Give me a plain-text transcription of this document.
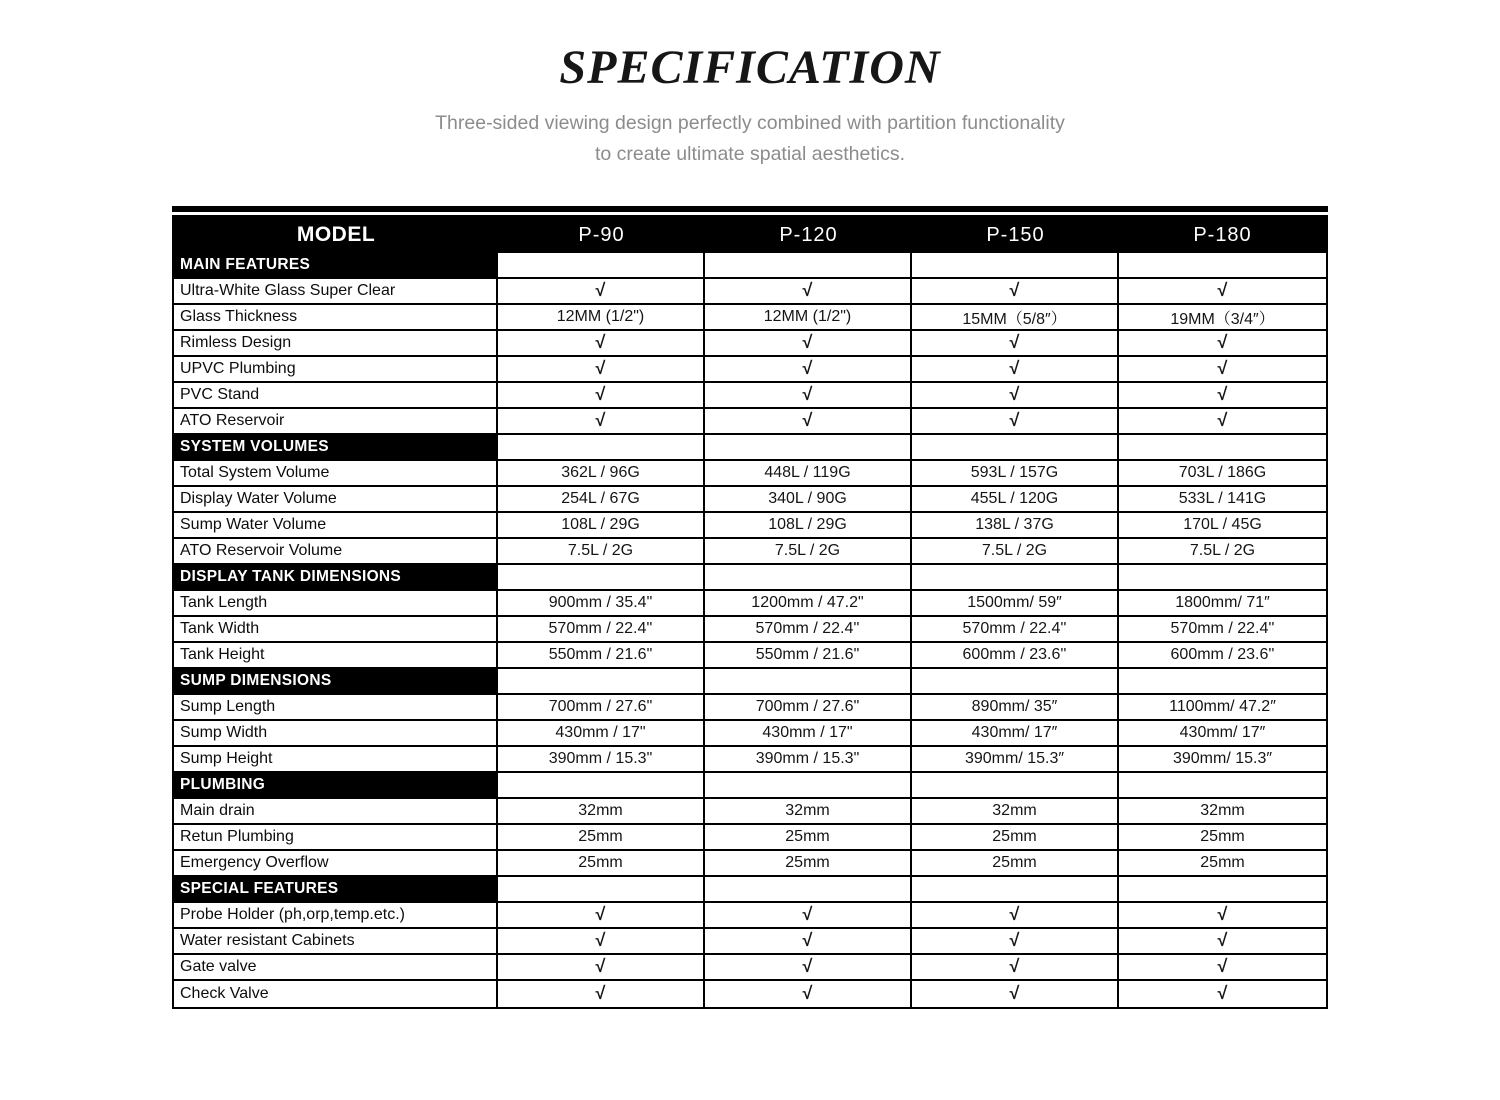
SPECIFICATION

Three-sided viewing design perfectly combined with partition functionality

to create ultimate spatial aesthetics.

MODEL	P-90	P-120	P-150	P-180
MAIN FEATURES
Ultra-White Glass Super Clear	√	√	√	√
Glass Thickness	12MM (1/2")	12MM (1/2")	15MM（5/8″）	19MM（3/4″）
Rimless Design	√	√	√	√
UPVC Plumbing	√	√	√	√
PVC Stand	√	√	√	√
ATO Reservoir	√	√	√	√
SYSTEM VOLUMES
Total System Volume	362L / 96G	448L / 119G	593L / 157G	703L / 186G
Display Water Volume	254L / 67G	340L / 90G	455L / 120G	533L / 141G
Sump Water Volume	108L / 29G	108L / 29G	138L / 37G	170L / 45G
ATO Reservoir Volume	7.5L / 2G	7.5L / 2G	7.5L / 2G	7.5L / 2G
DISPLAY TANK DIMENSIONS
Tank Length	900mm / 35.4"	1200mm / 47.2"	1500mm/ 59″	1800mm/ 71″
Tank Width	570mm / 22.4''	570mm / 22.4''	570mm / 22.4''	570mm / 22.4''
Tank Height	550mm / 21.6"	550mm / 21.6"	600mm / 23.6''	600mm / 23.6''
SUMP DIMENSIONS
Sump Length	700mm / 27.6"	700mm / 27.6"	890mm/ 35″	1100mm/ 47.2″
Sump Width	430mm / 17"	430mm / 17"	430mm/ 17″	430mm/ 17″
Sump Height	390mm / 15.3"	390mm / 15.3"	390mm/ 15.3″	390mm/ 15.3″
PLUMBING
Main drain	32mm	32mm	32mm	32mm
Retun Plumbing	25mm	25mm	25mm	25mm
Emergency Overflow	25mm	25mm	25mm	25mm
SPECIAL FEATURES
Probe Holder (ph,orp,temp.etc.)	√	√	√	√
Water resistant Cabinets	√	√	√	√
Gate valve	√	√	√	√
Check Valve	√	√	√	√
